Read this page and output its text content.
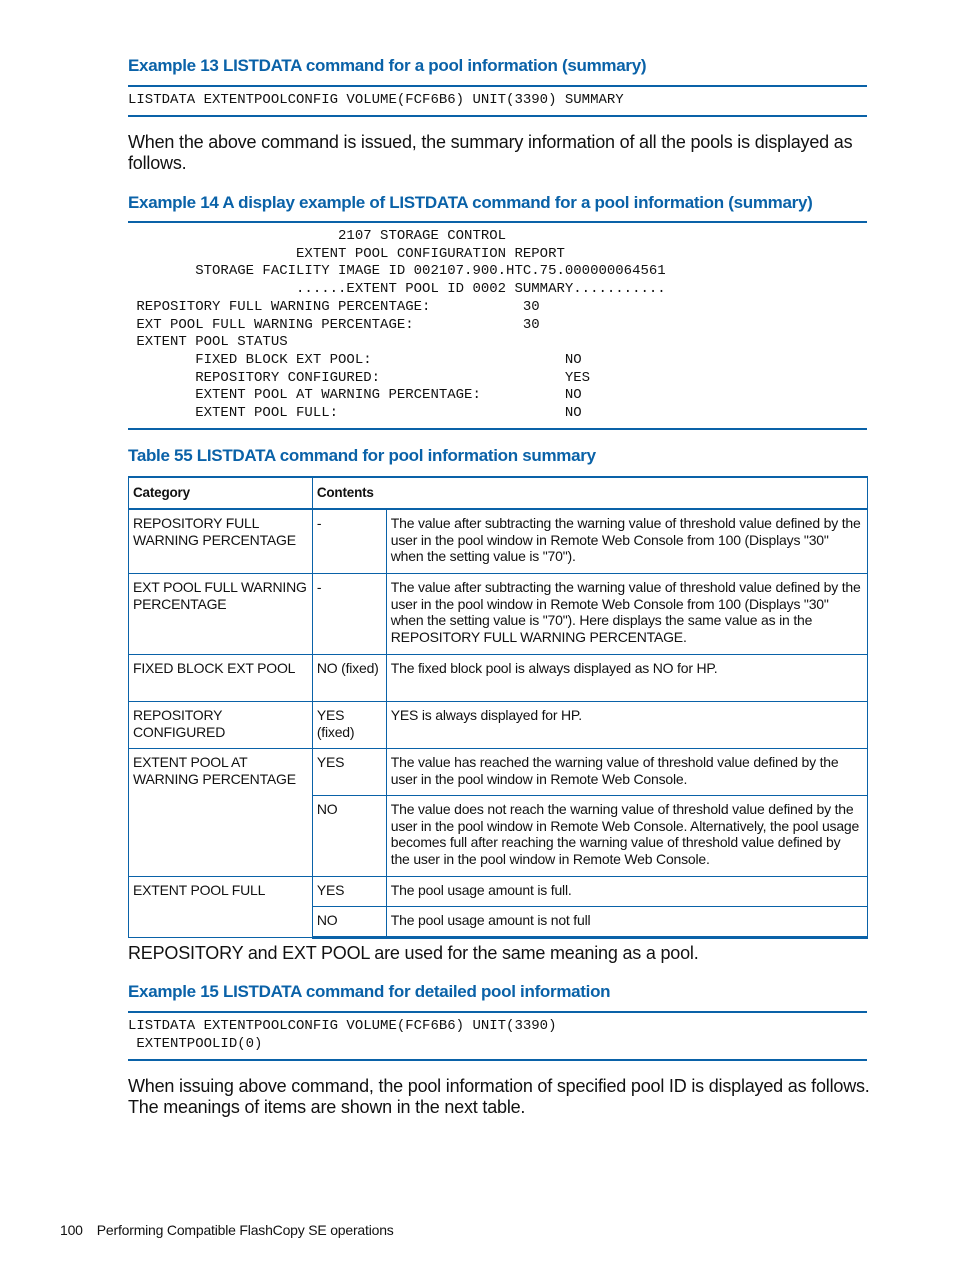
Example 13 LISTDATA command for a pool information (summary)
LISTDATA EXTENTPOOLCONFIG VOLUME(FCF6B6) UNIT(3390) SUMMARY

When the above command is issued, the summary information of all the pools is displayed as follows.

Example 14 A display example of LISTDATA command for a pool information (summary)
2107 STORAGE CONTROL
EXTENT POOL CONFIGURATION REPORT
STORAGE FACILITY IMAGE ID 002107.900.HTC.75.000000064561
......EXTENT POOL ID 0002 SUMMARY...........
REPOSITORY FULL WARNING PERCENTAGE:           30
EXT POOL FULL WARNING PERCENTAGE:             30
EXTENT POOL STATUS
FIXED BLOCK EXT POOL:                       NO
REPOSITORY CONFIGURED:                      YES
EXTENT POOL AT WARNING PERCENTAGE:          NO
EXTENT POOL FULL:                           NO
Table 55 LISTDATA command for pool information summary
Category	Contents	
REPOSITORY FULL WARNING PERCENTAGE	-	The value after subtracting the warning value of threshold value defined by the user in the pool window in Remote Web Console from 100 (Displays "30" when the setting value is "70").
EXT POOL FULL WARNING PERCENTAGE	-	The value after subtracting the warning value of threshold value defined by the user in the pool window in Remote Web Console from 100 (Displays "30" when the setting value is "70"). Here displays the same value as in the REPOSITORY FULL WARNING PERCENTAGE.
FIXED BLOCK EXT POOL	NO (fixed)	The fixed block pool is always displayed as NO for HP.
REPOSITORY CONFIGURED	YES (fixed)	YES is always displayed for HP.
EXTENT POOL AT WARNING PERCENTAGE	YES	The value has reached the warning value of threshold value defined by the user in the pool window in Remote Web Console.
	NO	The value does not reach the warning value of threshold value defined by the user in the pool window in Remote Web Console. Alternatively, the pool usage becomes full after reaching the warning value of threshold value defined by the user in the pool window in Remote Web Console.
EXTENT POOL FULL	YES	The pool usage amount is full.
	NO	The pool usage amount is not full

REPOSITORY and EXT POOL are used for the same meaning as a pool.

Example 15 LISTDATA command for detailed pool information
LISTDATA EXTENTPOOLCONFIG VOLUME(FCF6B6) UNIT(3390)
EXTENTPOOLID(0)

When issuing above command, the pool information of specified pool ID is displayed as follows. The meanings of items are shown in the next table.

100 Performing Compatible FlashCopy SE operations
